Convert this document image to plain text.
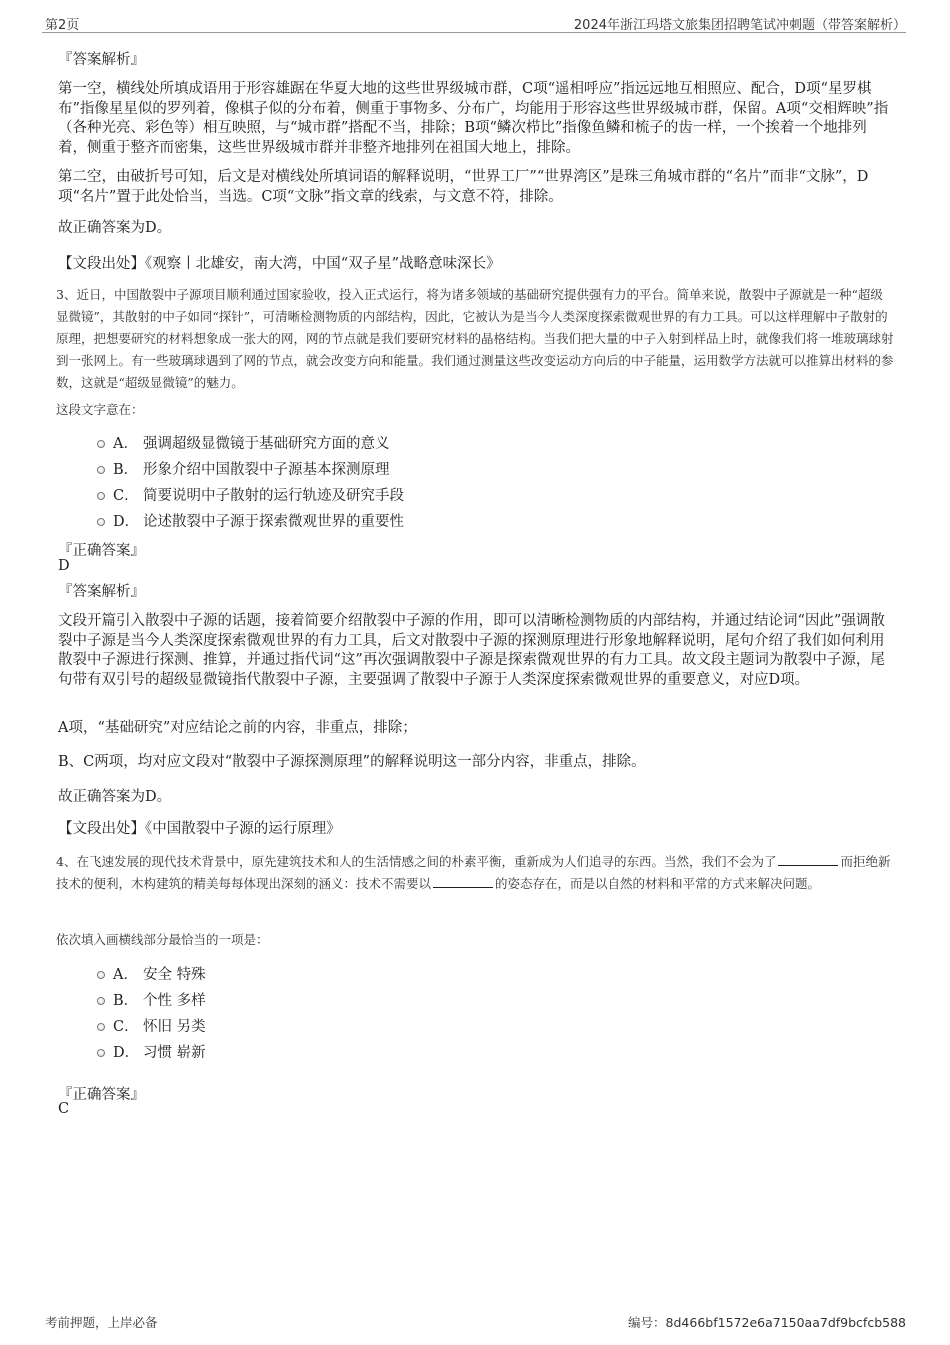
第2页	2024年浙江玛塔文旅集团招聘笔试冲刺题（带答案解析）
『答案解析』
第一空，横线处所填成语用于形容雄踞在华夏大地的这些世界级城市群，C项“遥相呼应”指远远地互相照应、配合，D项“星罗棋布”指像星星似的罗列着，像棋子似的分布着，侧重于事物多、分布广，均能用于形容这些世界级城市群，保留。A项“交相辉映”指（各种光亮、彩色等）相互映照，与“城市群”搭配不当，排除；B项“鳞次栉比”指像鱼鳞和梳子的齿一样，一个挨着一个地排列着，侧重于整齐而密集，这些世界级城市群并非整齐地排列在祖国大地上，排除。
第二空，由破折号可知，后文是对横线处所填词语的解释说明，“世界工厂”“世界湾区”是珠三角城市群的“名片”而非“文脉”，D项“名片”置于此处恰当，当选。C项“文脉”指文章的线索，与文意不符，排除。
故正确答案为D。
【文段出处】《观察丨北雄安，南大湾，中国“双子星”战略意味深长》
3、近日，中国散裂中子源项目顺利通过国家验收，投入正式运行，将为诸多领域的基础研究提供强有力的平台。简单来说，散裂中子源就是一种“超级显微镜”，其散射的中子如同“探针”，可清晰检测物质的内部结构，因此，它被认为是当今人类深度探索微观世界的有力工具。可以这样理解中子散射的原理，把想要研究的材料想象成一张大的网，网的节点就是我们要研究材料的晶格结构。当我们把大量的中子入射到样品上时，就像我们将一堆玻璃球射到一张网上。有一些玻璃球遇到了网的节点，就会改变方向和能量。我们通过测量这些改变运动方向后的中子能量，运用数学方法就可以推算出材料的参数，这就是“超级显微镜”的魅力。
这段文字意在：
A． 强调超级显微镜于基础研究方面的意义
B． 形象介绍中国散裂中子源基本探测原理
C． 简要说明中子散射的运行轨迹及研究手段
D． 论述散裂中子源于探索微观世界的重要性
『正确答案』
D
『答案解析』
文段开篇引入散裂中子源的话题，接着简要介绍散裂中子源的作用，即可以清晰检测物质的内部结构，并通过结论词“因此”强调散裂中子源是当今人类深度探索微观世界的有力工具，后文对散裂中子源的探测原理进行形象地解释说明，尾句介绍了我们如何利用散裂中子源进行探测、推算，并通过指代词“这”再次强调散裂中子源是探索微观世界的有力工具。故文段主题词为散裂中子源，尾句带有双引号的超级显微镜指代散裂中子源，主要强调了散裂中子源于人类深度探索微观世界的重要意义，对应D项。
A项，“基础研究”对应结论之前的内容，非重点，排除；
B、C两项，均对应文段对“散裂中子源探测原理”的解释说明这一部分内容，非重点，排除。
故正确答案为D。
【文段出处】《中国散裂中子源的运行原理》
4、在飞速发展的现代技术背景中，原先建筑技术和人的生活情感之间的朴素平衡，重新成为人们追寻的东西。当然，我们不会为了	而拒绝新技术的便利，木构建筑的精美每每体现出深刻的涵义：技术不需要以	的姿态存在，而是以自然的材料和平常的方式来解决问题。
依次填入画横线部分最恰当的一项是：
A． 安全 特殊
B． 个性 多样
C． 怀旧 另类
D． 习惯 崭新
『正确答案』
C
考前押题，上岸必备	编号：8d466bf1572e6a7150aa7df9bcfcb588
